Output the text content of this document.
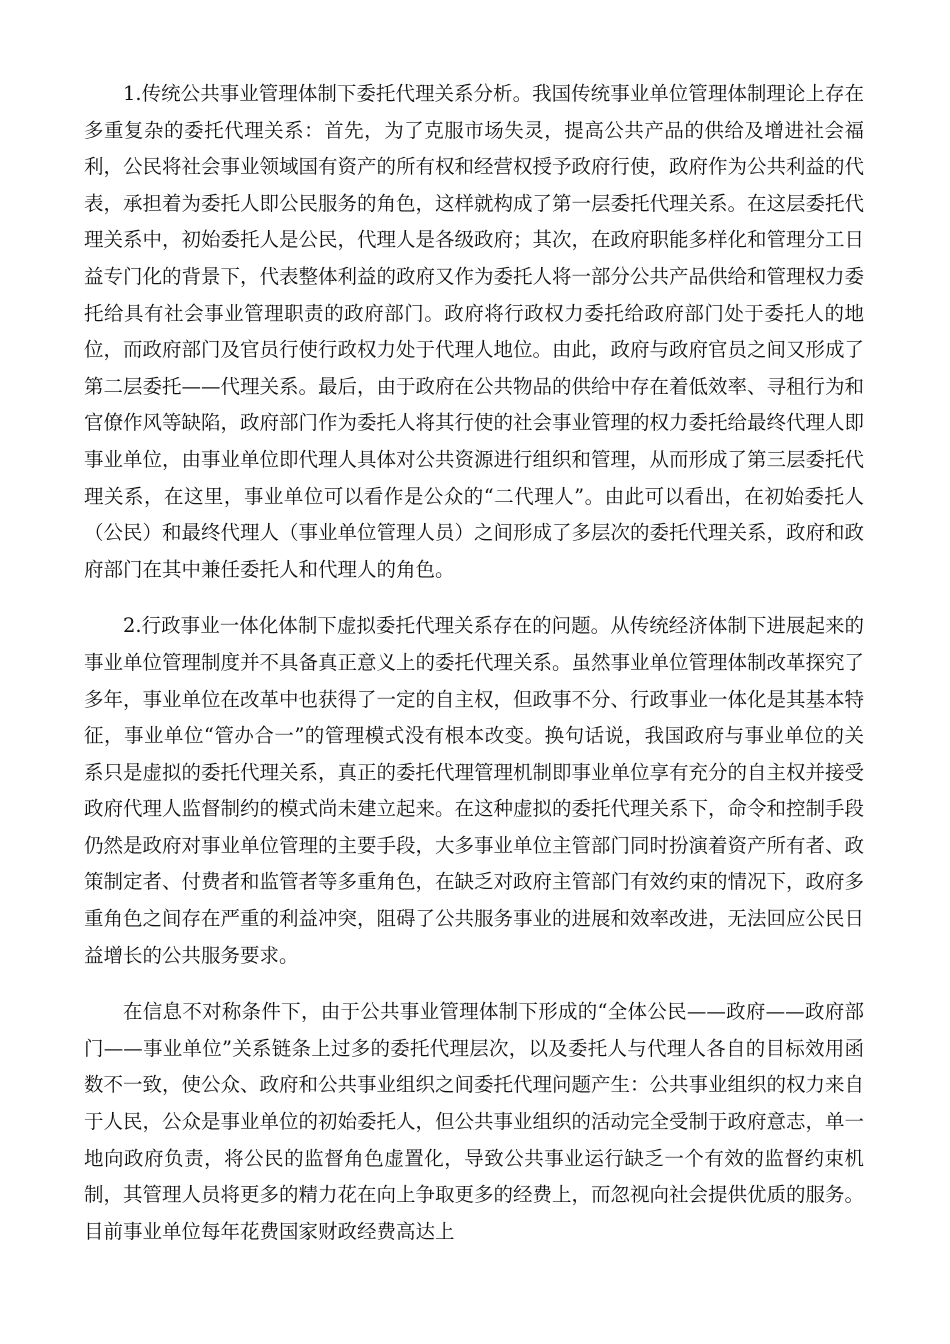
1.传统公共事业管理体制下委托代理关系分析。我国传统事业单位管理体制理论上存在多重复杂的委托代理关系：首先，为了克服市场失灵，提高公共产品的供给及增进社会福利，公民将社会事业领域国有资产的所有权和经营权授予政府行使，政府作为公共利益的代表，承担着为委托人即公民服务的角色，这样就构成了第一层委托代理关系。在这层委托代理关系中，初始委托人是公民，代理人是各级政府；其次，在政府职能多样化和管理分工日益专门化的背景下，代表整体利益的政府又作为委托人将一部分公共产品供给和管理权力委托给具有社会事业管理职责的政府部门。政府将行政权力委托给政府部门处于委托人的地位，而政府部门及官员行使行政权力处于代理人地位。由此，政府与政府官员之间又形成了第二层委托——代理关系。最后，由于政府在公共物品的供给中存在着低效率、寻租行为和官僚作风等缺陷，政府部门作为委托人将其行使的社会事业管理的权力委托给最终代理人即事业单位，由事业单位即代理人具体对公共资源进行组织和管理，从而形成了第三层委托代理关系，在这里，事业单位可以看作是公众的“二代理人”。由此可以看出，在初始委托人（公民）和最终代理人（事业单位管理人员）之间形成了多层次的委托代理关系，政府和政府部门在其中兼任委托人和代理人的角色。

2.行政事业一体化体制下虚拟委托代理关系存在的问题。从传统经济体制下进展起来的事业单位管理制度并不具备真正意义上的委托代理关系。虽然事业单位管理体制改革探究了多年，事业单位在改革中也获得了一定的自主权，但政事不分、行政事业一体化是其基本特征，事业单位“管办合一”的管理模式没有根本改变。换句话说，我国政府与事业单位的关系只是虚拟的委托代理关系，真正的委托代理管理机制即事业单位享有充分的自主权并接受政府代理人监督制约的模式尚未建立起来。在这种虚拟的委托代理关系下，命令和控制手段仍然是政府对事业单位管理的主要手段，大多事业单位主管部门同时扮演着资产所有者、政策制定者、付费者和监管者等多重角色，在缺乏对政府主管部门有效约束的情况下，政府多重角色之间存在严重的利益冲突，阻碍了公共服务事业的进展和效率改进，无法回应公民日益增长的公共服务要求。

在信息不对称条件下，由于公共事业管理体制下形成的“全体公民——政府——政府部门——事业单位”关系链条上过多的委托代理层次，以及委托人与代理人各自的目标效用函数不一致，使公众、政府和公共事业组织之间委托代理问题产生：公共事业组织的权力来自于人民，公众是事业单位的初始委托人，但公共事业组织的活动完全受制于政府意志，单一地向政府负责，将公民的监督角色虚置化，导致公共事业运行缺乏一个有效的监督约束机制，其管理人员将更多的精力花在向上争取更多的经费上，而忽视向社会提供优质的服务。目前事业单位每年花费国家财政经费高达上
